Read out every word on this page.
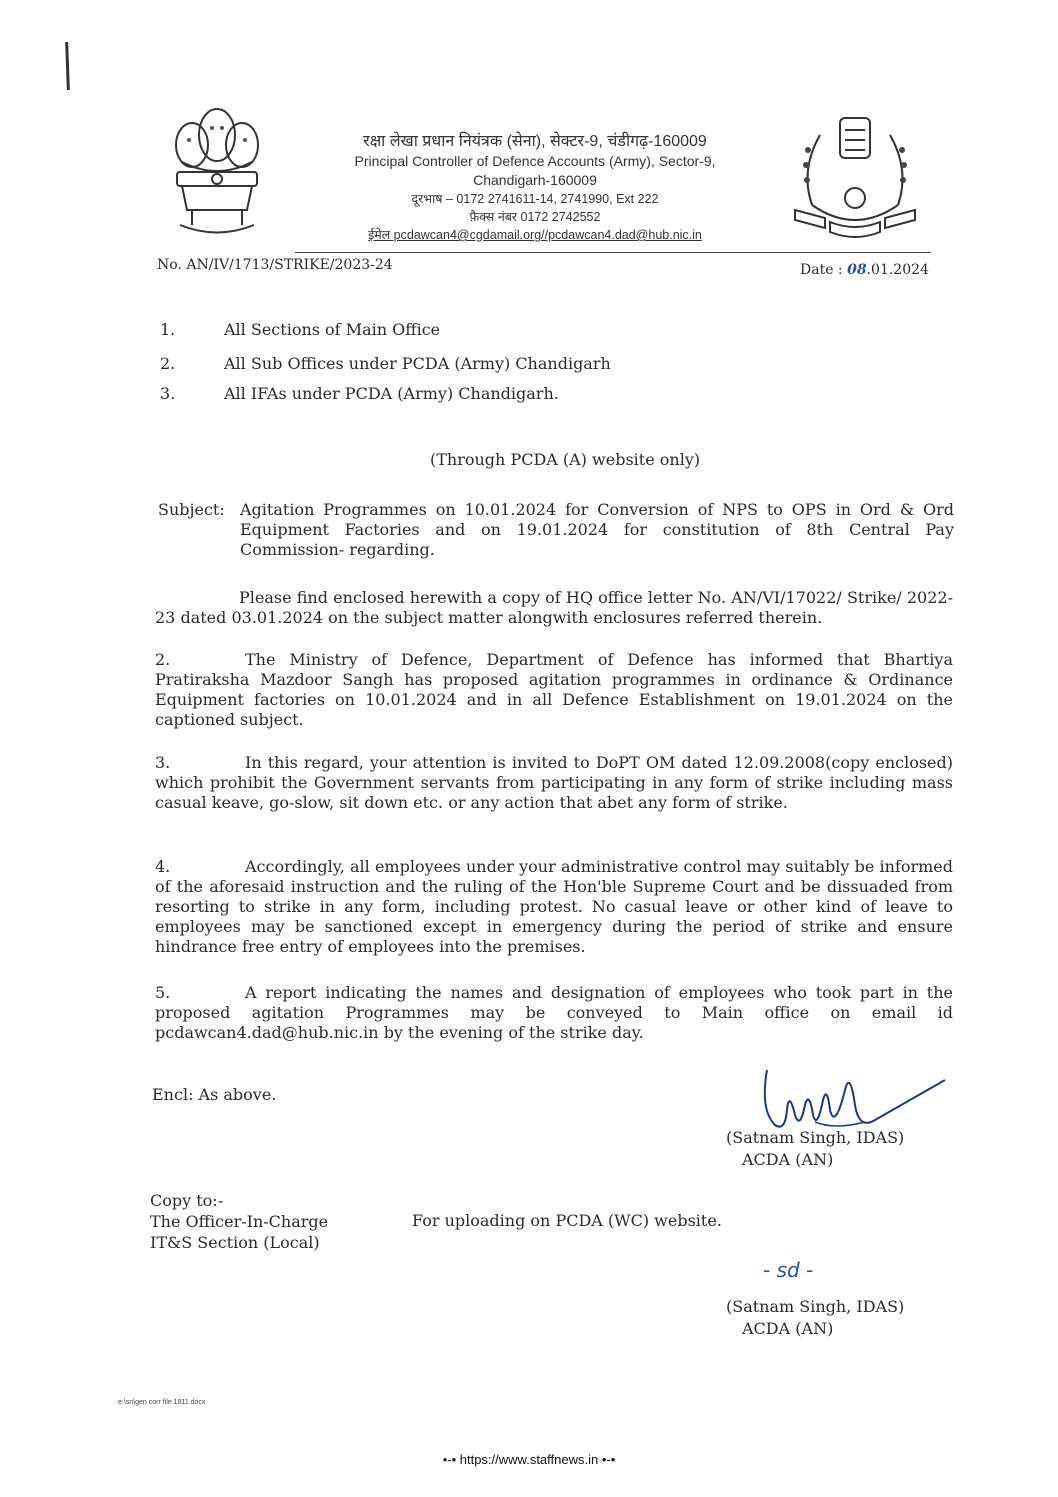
रक्षा लेखा प्रधान नियंत्रक (सेना), सेक्टर-9, चंडीगढ़-160009
Principal Controller of Defence Accounts (Army), Sector-9,
Chandigarh-160009
दूरभाष – 0172 2741611-14, 2741990, Ext 222
फ़ैक्स नंबर 0172 2742552
ईमेल pcdawcan4@cgdamail.org//pcdawcan4.dad@hub.nic.in
No. AN/IV/1713/STRIKE/2023-24	Date : 08.01.2024
1.	All Sections of Main Office
2.	All Sub Offices under PCDA (Army) Chandigarh
3.	All IFAs under PCDA (Army) Chandigarh.
(Through PCDA (A) website only)
Subject: Agitation Programmes on 10.01.2024 for Conversion of NPS to OPS in Ord & Ord Equipment Factories and on 19.01.2024 for constitution of 8th Central Pay Commission- regarding.
Please find enclosed herewith a copy of HQ office letter No. AN/VI/17022/ Strike/ 2022-23 dated 03.01.2024 on the subject matter alongwith enclosures referred therein.
2.	The Ministry of Defence, Department of Defence has informed that Bhartiya Pratiraksha Mazdoor Sangh has proposed agitation programmes in ordinance & Ordinance Equipment factories on 10.01.2024 and in all Defence Establishment on 19.01.2024 on the captioned subject.
3.	In this regard, your attention is invited to DoPT OM dated 12.09.2008(copy enclosed) which prohibit the Government servants from participating in any form of strike including mass casual keave, go-slow, sit down etc. or any action that abet any form of strike.
4.	Accordingly, all employees under your administrative control may suitably be informed of the aforesaid instruction and the ruling of the Hon'ble Supreme Court and be dissuaded from resorting to strike in any form, including protest. No casual leave or other kind of leave to employees may be sanctioned except in emergency during the period of strike and ensure hindrance free entry of employees into the premises.
5.	A report indicating the names and designation of employees who took part in the proposed agitation Programmes may be conveyed to Main office on email id pcdawcan4.dad@hub.nic.in by the evening of the strike day.
Encl: As above.
(Satnam Singh, IDAS)
ACDA (AN)
Copy to:-
The Officer-In-Charge
IT&S Section (Local)
For uploading on PCDA (WC) website.
- sd -
(Satnam Singh, IDAS)
ACDA (AN)
e:\sn\gen corr file 1811.docx
•-• https://www.staffnews.in •-•
